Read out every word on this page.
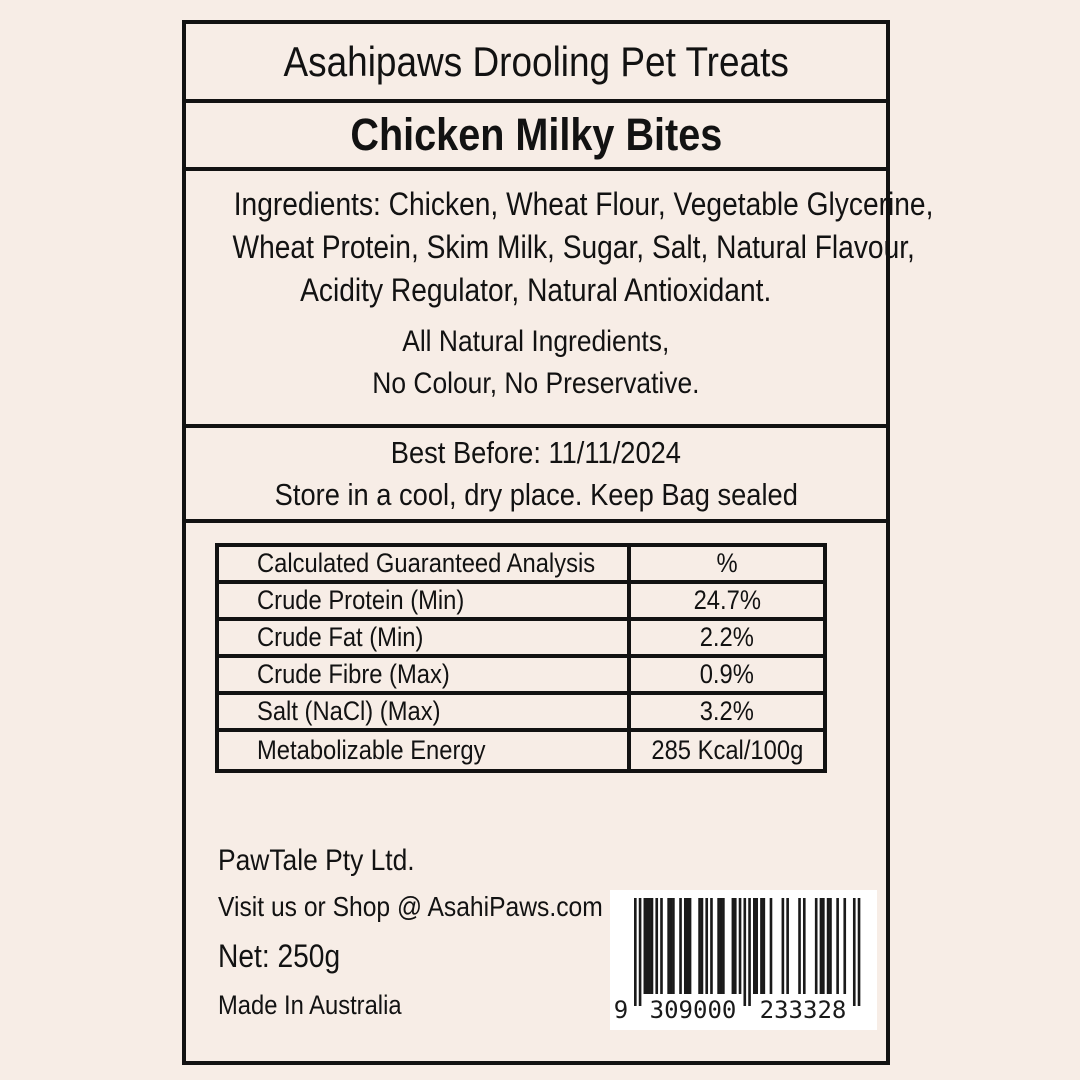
Asahipaws Drooling Pet Treats
Chicken Milky Bites
Ingredients: Chicken, Wheat Flour, Vegetable Glycerine,
Wheat Protein, Skim Milk, Sugar, Salt, Natural Flavour,
Acidity Regulator, Natural Antioxidant.
All Natural Ingredients,
No Colour, No Preservative.
Best Before: 11/11/2024
Store in a cool, dry place. Keep Bag sealed
Calculated Guaranteed Analysis	%
Crude Protein (Min)	24.7%
Crude Fat (Min)	2.2%
Crude Fibre (Max)	0.9%
Salt (NaCl) (Max)	3.2%
Metabolizable Energy	285 Kcal/100g
PawTale Pty Ltd.
Visit us or Shop @ AsahiPaws.com
Net: 250g
Made In Australia	9 309000 233328
